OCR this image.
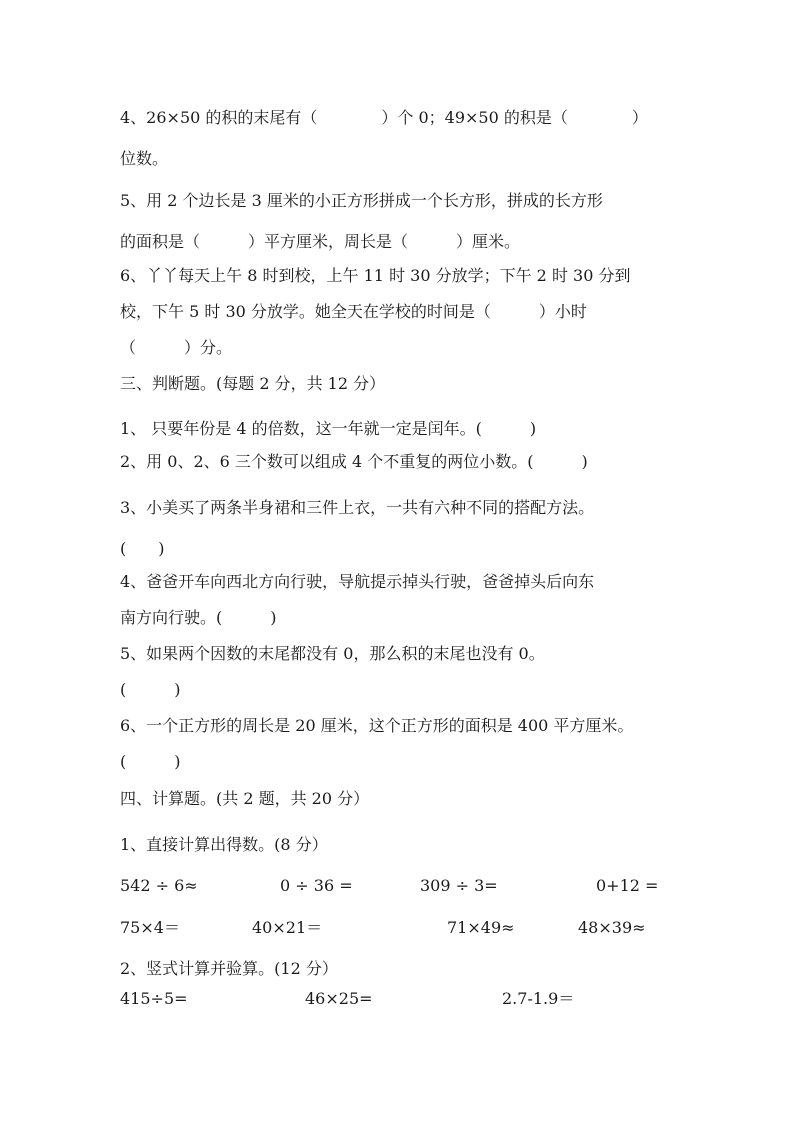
4、26×50 的积的末尾有（　　　　）个 0；49×50 的积是（　　　　）
位数。
5、用 2 个边长是 3 厘米的小正方形拼成一个长方形，拼成的长方形
的面积是（　　　）平方厘米，周长是（　　　）厘米。
6、丫丫每天上午 8 时到校，上午 11 时 30 分放学；下午 2 时 30 分到
校，下午 5 时 30 分放学。她全天在学校的时间是（　　　）小时
（　　　）分。
三、判断题。(每题 2 分，共 12 分）
1、 只要年份是 4 的倍数，这一年就一定是闰年。(　　　)
2、用 0、2、6 三个数可以组成 4 个不重复的两位小数。(　　　)
3、小美买了两条半身裙和三件上衣，一共有六种不同的搭配方法。
(　　)
4、爸爸开车向西北方向行驶，导航提示掉头行驶，爸爸掉头后向东
南方向行驶。(　　　)
5、如果两个因数的末尾都没有 0，那么积的末尾也没有 0。
(　　　)
6、一个正方形的周长是 20 厘米，这个正方形的面积是 400 平方厘米。
(　　　)
四、计算题。(共 2 题，共 20 分）
1、直接计算出得数。(8 分）
542 ÷ 6≈	0 ÷ 36 =	309 ÷ 3=	0+12 =
75×4＝	40×21＝	71×49≈	48×39≈
2、竖式计算并验算。(12 分）
415÷5=	46×25=	2.7-1.9＝
